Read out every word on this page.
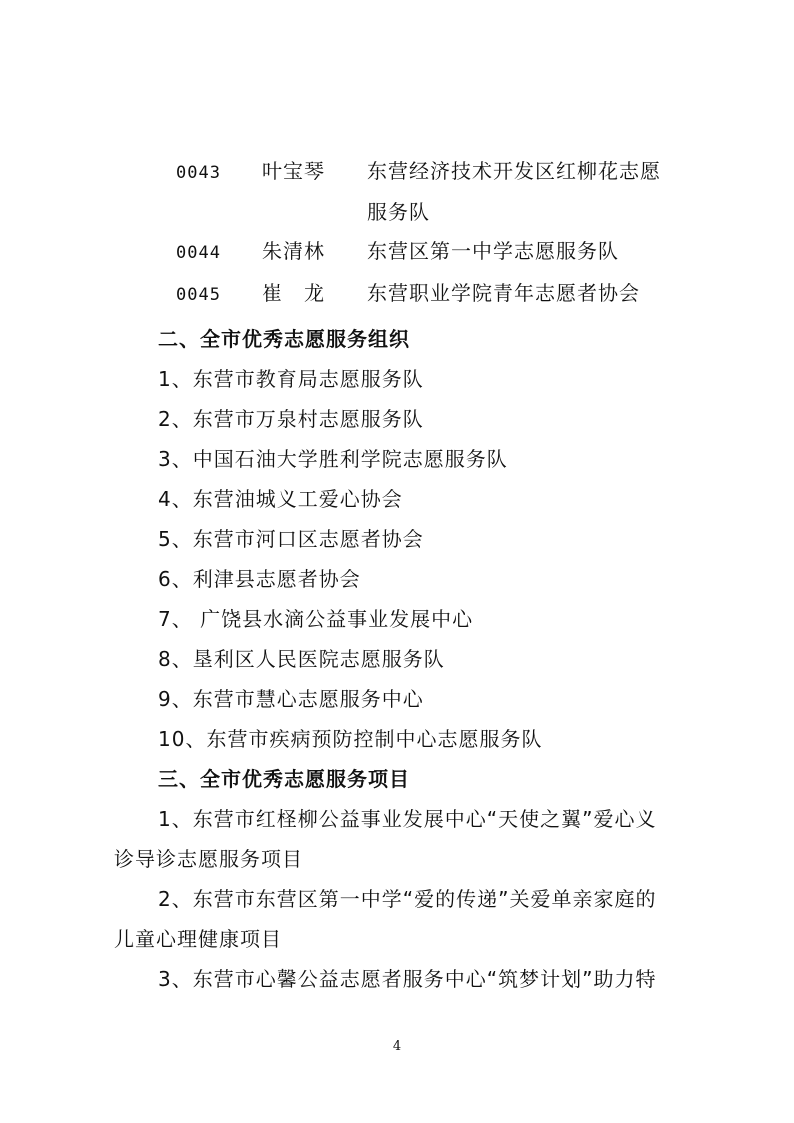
0043 叶宝琴 东营经济技术开发区红柳花志愿
服务队
0044 朱清林 东营区第一中学志愿服务队
0045 崔　龙 东营职业学院青年志愿者协会
二、全市优秀志愿服务组织
1、东营市教育局志愿服务队
2、东营市万泉村志愿服务队
3、中国石油大学胜利学院志愿服务队
4、东营油城义工爱心协会
5、东营市河口区志愿者协会
6、利津县志愿者协会
7、 广饶县水滴公益事业发展中心
8、垦利区人民医院志愿服务队
9、东营市慧心志愿服务中心
10、东营市疾病预防控制中心志愿服务队
三、全市优秀志愿服务项目
1、东营市红柽柳公益事业发展中心“天使之翼”爱心义
诊导诊志愿服务项目
2、东营市东营区第一中学“爱的传递”关爱单亲家庭的
儿童心理健康项目
3、东营市心馨公益志愿者服务中心“筑梦计划”助力特
4
